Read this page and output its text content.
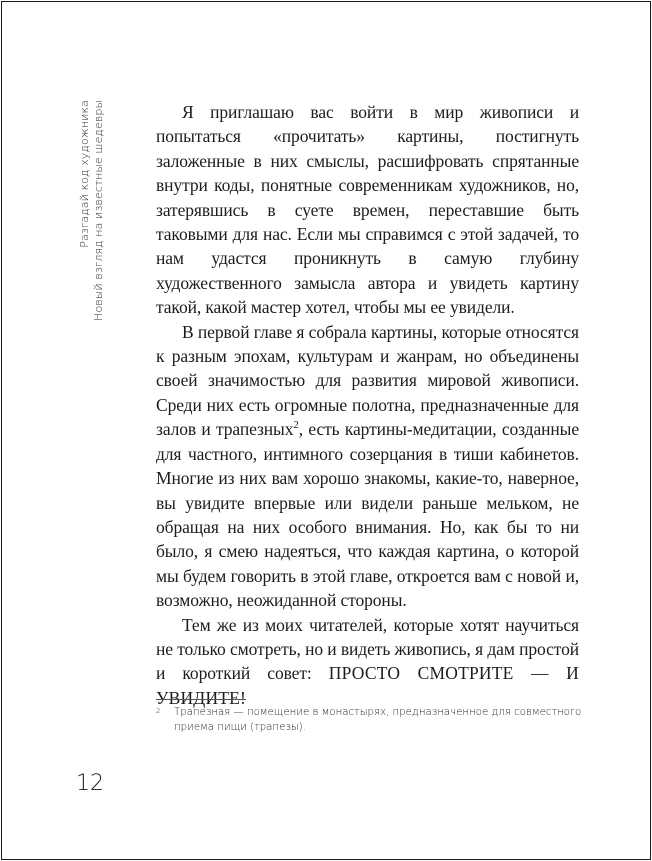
Разгадай код художника Новый взгляд на известные шедевры	Я приглашаю вас войти в мир живописи и попытаться «прочитать» картины, постигнуть заложенные в них смыслы, расшифровать спрятанные внутри коды, понятные современникам художников, но, затерявшись в суете времен, переставшие быть таковыми для нас. Если мы справимся с этой задачей, то нам удастся проникнуть в самую глубину художественного замысла автора и увидеть картину такой, какой мастер хотел, чтобы мы ее увидели.

В первой главе я собрала картины, которые относятся к разным эпохам, культурам и жанрам, но объединены своей значимостью для развития мировой живописи. Среди них есть огромные полотна, предназначенные для залов и трапезных$^2$, есть картины-медитации, созданные для частного, интимного созерцания в тиши кабинетов. Многие из них вам хорошо знакомы, какие-то, наверное, вы увидите впервые или видели раньше мельком, не обращая на них особого внимания. Но, как бы то ни было, я смею надеяться, что каждая картина, о которой мы будем говорить в этой главе, откроется вам с новой и, возможно, неожиданной стороны.

Тем же из моих читателей, которые хотят научиться не только смотреть, но и видеть живопись, я дам простой и короткий совет: ПРОСТО СМОТРИТЕ — И УВИДИТЕ!

2 Трапезная — помещение в монастырях, предназначенное для совместного приема пищи (трапезы).
12
